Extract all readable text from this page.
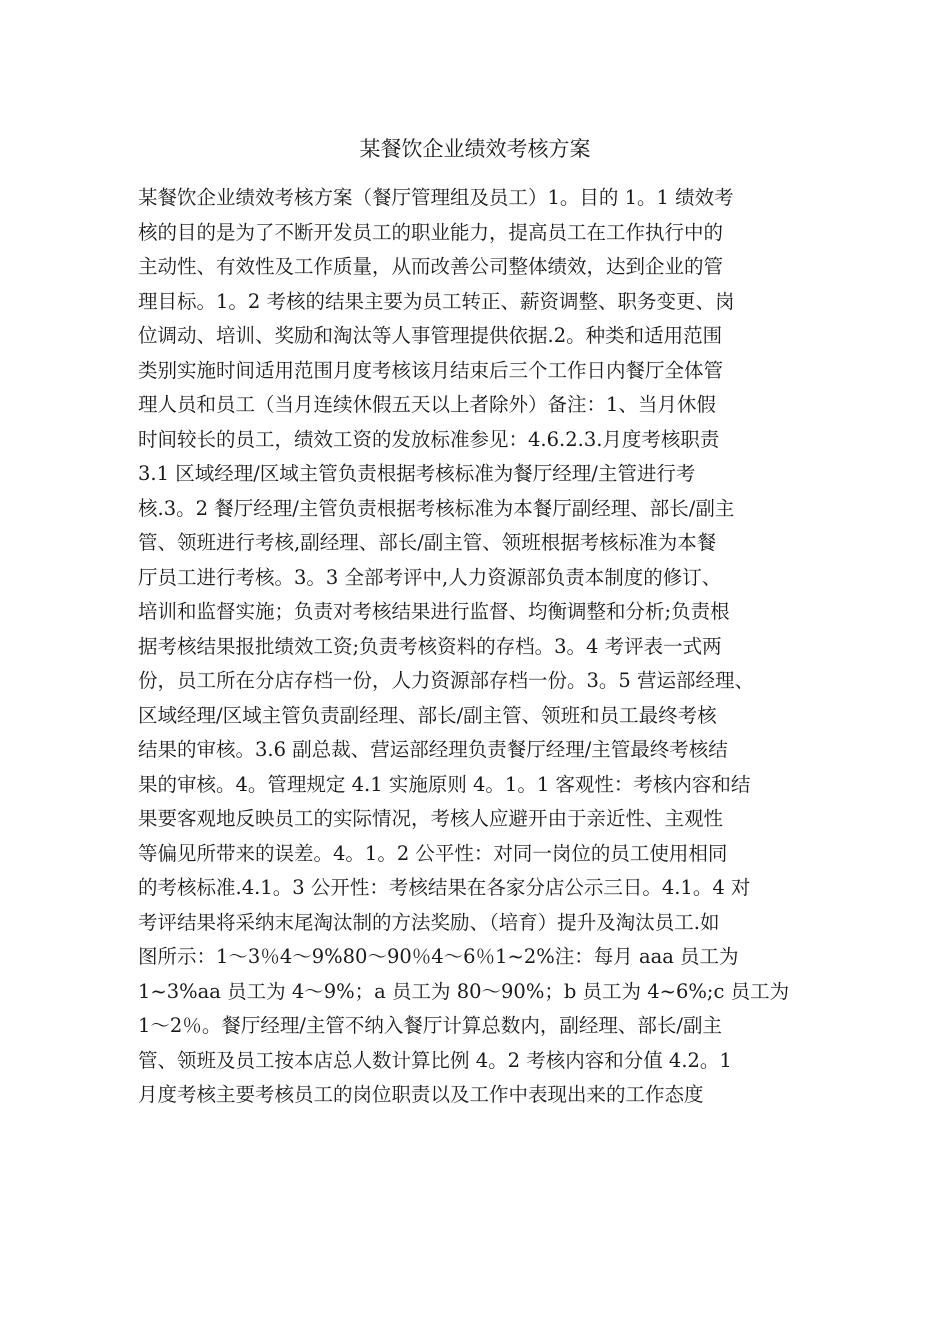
某餐饮企业绩效考核方案
某餐饮企业绩效考核方案（餐厅管理组及员工）1。目的 1。1 绩效考
核的目的是为了不断开发员工的职业能力，提高员工在工作执行中的
主动性、有效性及工作质量，从而改善公司整体绩效，达到企业的管
理目标。1。2 考核的结果主要为员工转正、薪资调整、职务变更、岗
位调动、培训、奖励和淘汰等人事管理提供依据.2。种类和适用范围
类别实施时间适用范围月度考核该月结束后三个工作日内餐厅全体管
理人员和员工（当月连续休假五天以上者除外）备注：1、当月休假
时间较长的员工，绩效工资的发放标准参见：4.6.2.3.月度考核职责
3.1 区域经理/区域主管负责根据考核标准为餐厅经理/主管进行考
核.3。2 餐厅经理/主管负责根据考核标准为本餐厅副经理、部长/副主
管、领班进行考核,副经理、部长/副主管、领班根据考核标准为本餐
厅员工进行考核。3。3 全部考评中,人力资源部负责本制度的修订、
培训和监督实施；负责对考核结果进行监督、均衡调整和分析;负责根
据考核结果报批绩效工资;负责考核资料的存档。3。4 考评表一式两
份，员工所在分店存档一份，人力资源部存档一份。3。5 营运部经理、
区域经理/区域主管负责副经理、部长/副主管、领班和员工最终考核
结果的审核。3.6 副总裁、营运部经理负责餐厅经理/主管最终考核结
果的审核。4。管理规定 4.1 实施原则 4。1。1 客观性：考核内容和结
果要客观地反映员工的实际情况，考核人应避开由于亲近性、主观性
等偏见所带来的误差。4。1。2 公平性：对同一岗位的员工使用相同
的考核标准.4.1。3 公开性：考核结果在各家分店公示三日。4.1。4 对
考评结果将采纳末尾淘汰制的方法奖励、（培育）提升及淘汰员工.如
图所示：1～3％4～9%80～90％4～6％1~2%注：每月 aaa 员工为
1~3%aa 员工为 4～9%；a 员工为 80～90%；b 员工为 4~6%;c 员工为
1～2％。餐厅经理/主管不纳入餐厅计算总数内，副经理、部长/副主
管、领班及员工按本店总人数计算比例 4。2 考核内容和分值 4.2。1
月度考核主要考核员工的岗位职责以及工作中表现出来的工作态度
